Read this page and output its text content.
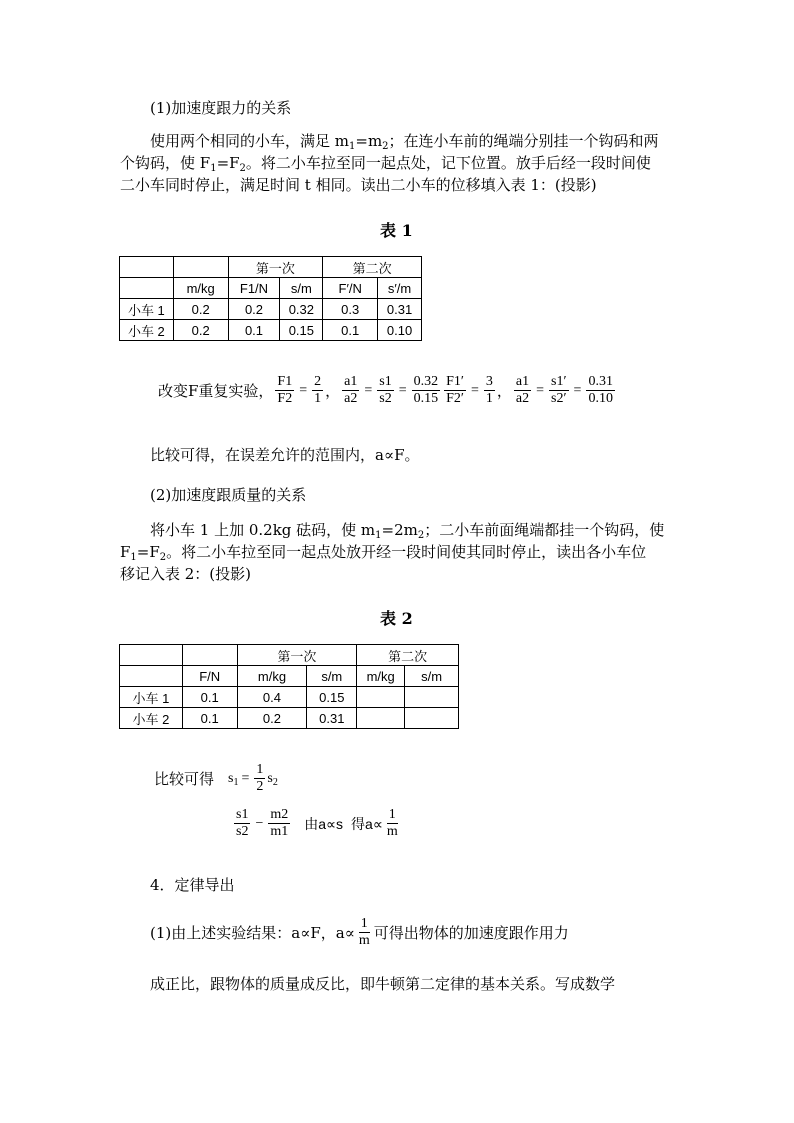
(1)加速度跟力的关系
使用两个相同的小车，满足 $m_1=m_2$；在连小车前的绳端分别挂一个钩码和两
个钩码，使 $F_1=F_2$。将二小车拉至同一起点处，记下位置。放手后经一段时间使
二小车同时停止，满足时间 t 相同。读出二小车的位移填入表 1：(投影)
表 1
		第一次		第二次	
	m/kg	F1/N	s/m	F′/N	s′/m
小车 1	0.2	0.2	0.32	0.3	0.31
小车 2	0.2	0.1	0.15	0.1	0.10
改变F重复实验， $\frac{F1}{F2} = \frac{2}{1}$ ， $\frac{a1}{a2} = \frac{s1}{s2} = \frac{0.32}{0.15} \frac{F1'}{F2'} = \frac{3}{1}$ ， $\frac{a1}{a2} = \frac{s1'}{s2'} = \frac{0.31}{0.10}$
比较可得，在误差允许的范围内，a∝F。
(2)加速度跟质量的关系
将小车 1 上加 0.2kg 砝码，使 $m_1=2m_2$；二小车前面绳端都挂一个钩码，使
$F_1=F_2$。将二小车拉至同一起点处放开经一段时间使其同时停止，读出各小车位
移记入表 2：(投影)
表 2
		第一次		第二次	
	F/N	m/kg	s/m	m/kg	s/m
小车 1	0.1	0.4	0.15		
小车 2	0.1	0.2	0.31		
比较可得 $s_1 = \frac{1}{2} s_2$
$\frac{s1}{s2} - \frac{m2}{m1}$ 由a∝s 得$a\propto \frac{1}{m}$
4．定律导出
(1)由上述实验结果：a∝F，$a\propto \frac{1}{m}$ 可得出物体的加速度跟作用力
成正比，跟物体的质量成反比，即牛顿第二定律的基本关系。写成数学
